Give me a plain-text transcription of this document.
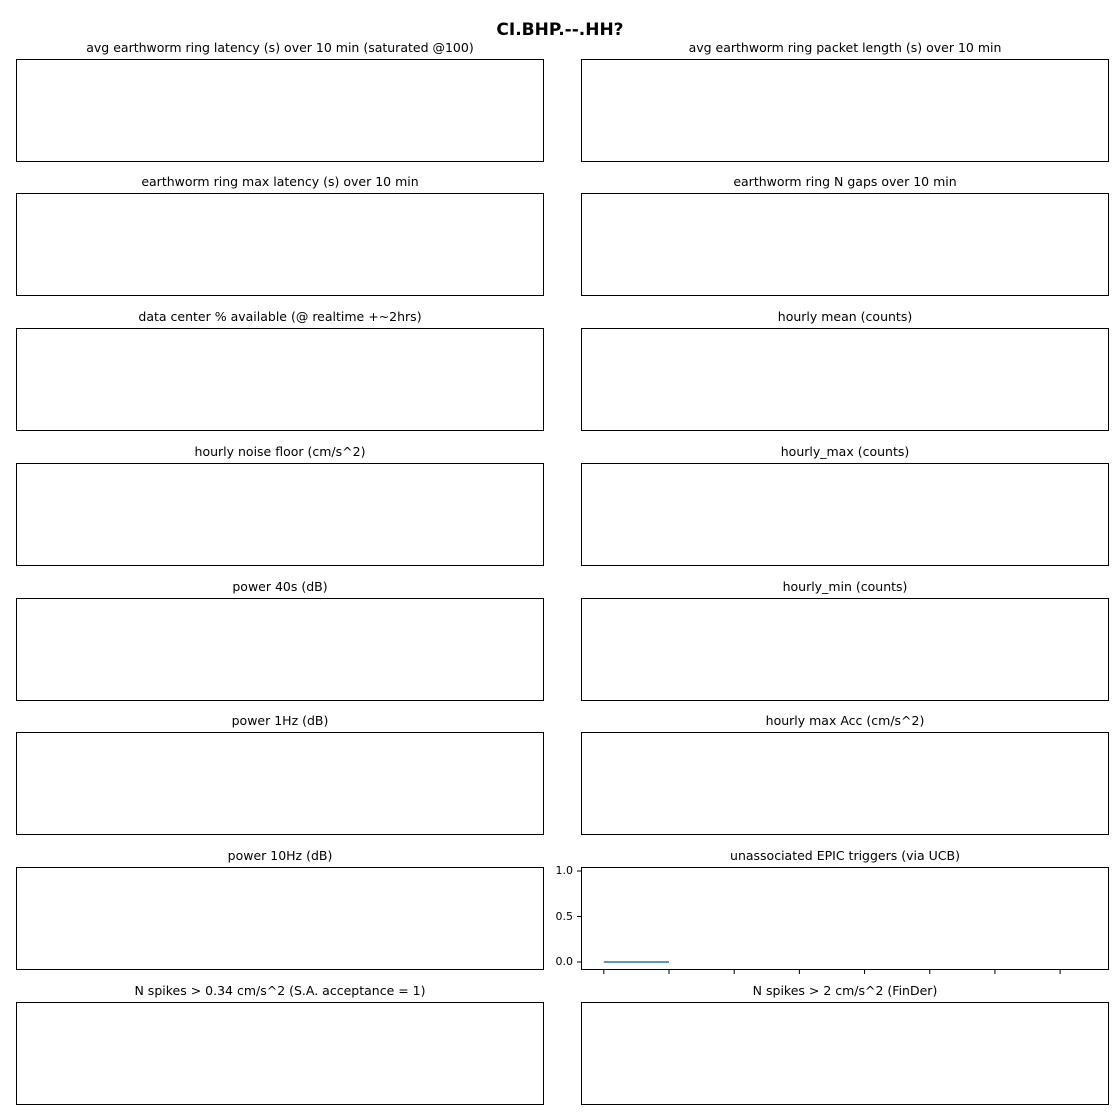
CI.BHP.--.HH?
avg earthworm ring latency (s) over 10 min (saturated @100)	avg earthworm ring packet length (s) over 10 min
earthworm ring max latency (s) over 10 min	earthworm ring N gaps over 10 min
data center % available (@ realtime +~2hrs)	hourly mean (counts)
hourly noise floor (cm/s^2)	hourly_max (counts)
power 40s (dB)	hourly_min (counts)
power 1Hz (dB)	hourly max Acc (cm/s^2)
power 10Hz (dB)	unassociated EPIC triggers (via UCB)
N spikes > 0.34 cm/s^2 (S.A. acceptance = 1)	N spikes > 2 cm/s^2 (FinDer)
0.0
0.5
1.0
